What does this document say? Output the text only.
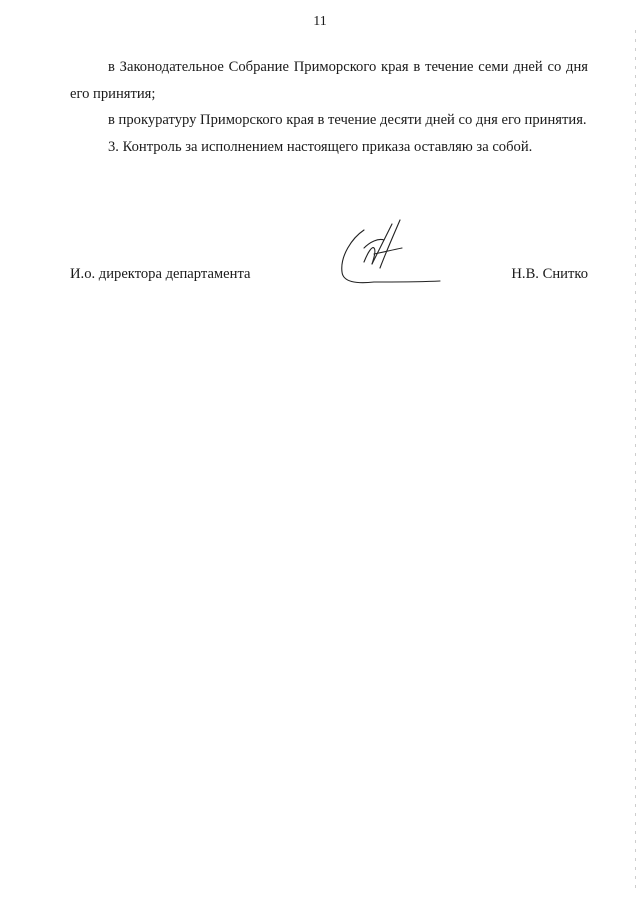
11

в Законодательное Собрание Приморского края в течение семи дней со дня его принятия;

в прокуратуру Приморского края в течение десяти дней со дня его принятия.

3. Контроль за исполнением настоящего приказа оставляю за собой.

И.о. директора департамента	Н.В. Снитко
